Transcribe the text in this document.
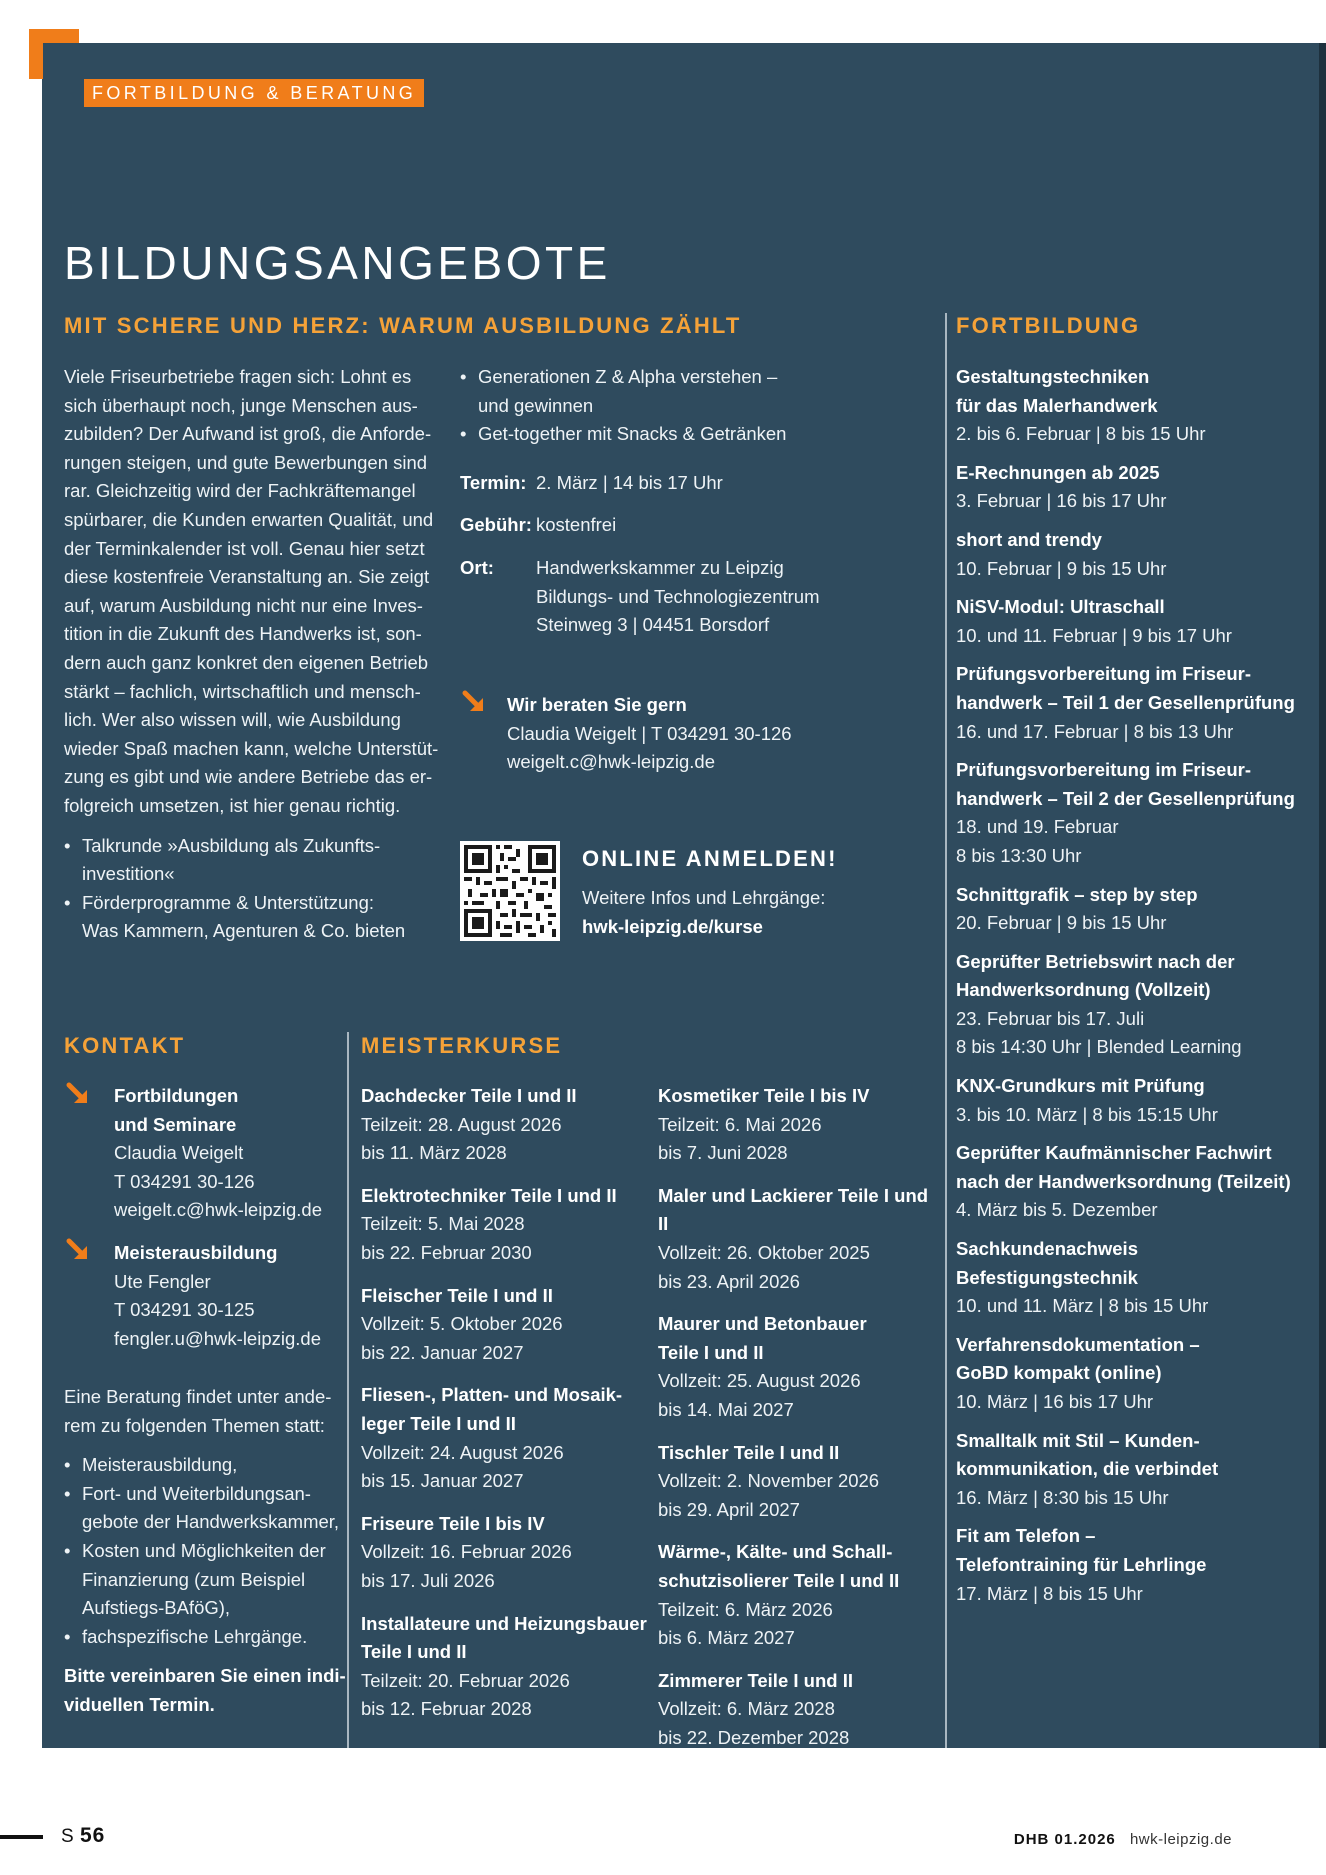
FORTBILDUNG & BERATUNG
BILDUNGSANGEBOTE
MIT SCHERE UND HERZ: WARUM AUSBILDUNG ZÄHLT
Viele Friseurbetriebe fragen sich: Lohnt es
sich überhaupt noch, junge Menschen aus-
zubilden? Der Aufwand ist groß, die Anforde-
rungen steigen, und gute Bewerbungen sind
rar. Gleichzeitig wird der Fachkräftemangel
spürbarer, die Kunden erwarten Qualität, und
der Terminkalender ist voll. Genau hier setzt
diese kostenfreie Veranstaltung an. Sie zeigt
auf, warum Ausbildung nicht nur eine Inves-
tition in die Zukunft des Handwerks ist, son-
dern auch ganz konkret den eigenen Betrieb
stärkt – fachlich, wirtschaftlich und mensch-
lich. Wer also wissen will, wie Ausbildung
wieder Spaß machen kann, welche Unterstüt-
zung es gibt und wie andere Betriebe das er-
folgreich umsetzen, ist hier genau richtig.
• Talkrunde »Ausbildung als Zukunfts-
investition«
• Förderprogramme & Unterstützung:
Was Kammern, Agenturen & Co. bieten
• Generationen Z & Alpha verstehen –
und gewinnen
• Get-together mit Snacks & Getränken
Termin:	2. März | 14 bis 17 Uhr
Gebühr:	kostenfrei
Ort:	Handwerkskammer zu Leipzig
Bildungs- und Technologiezentrum
Steinweg 3 | 04451 Borsdorf
Wir beraten Sie gern
Claudia Weigelt | T 034291 30-126
weigelt.c@hwk-leipzig.de
ONLINE ANMELDEN!
Weitere Infos und Lehrgänge:
hwk-leipzig.de/kurse
FORTBILDUNG
Gestaltungstechniken
für das Malerhandwerk
2. bis 6. Februar | 8 bis 15 Uhr
E-Rechnungen ab 2025
3. Februar | 16 bis 17 Uhr
short and trendy
10. Februar | 9 bis 15 Uhr
NiSV-Modul: Ultraschall
10. und 11. Februar | 9 bis 17 Uhr
Prüfungsvorbereitung im Friseur-
handwerk – Teil 1 der Gesellenprüfung
16. und 17. Februar | 8 bis 13 Uhr
Prüfungsvorbereitung im Friseur-
handwerk – Teil 2 der Gesellenprüfung
18. und 19. Februar
8 bis 13:30 Uhr
Schnittgrafik – step by step
20. Februar | 9 bis 15 Uhr
Geprüfter Betriebswirt nach der
Handwerksordnung (Vollzeit)
23. Februar bis 17. Juli
8 bis 14:30 Uhr | Blended Learning
KNX-Grundkurs mit Prüfung
3. bis 10. März | 8 bis 15:15 Uhr
Geprüfter Kaufmännischer Fachwirt
nach der Handwerksordnung (Teilzeit)
4. März bis 5. Dezember
Sachkundenachweis
Befestigungstechnik
10. und 11. März | 8 bis 15 Uhr
Verfahrensdokumentation –
GoBD kompakt (online)
10. März | 16 bis 17 Uhr
Smalltalk mit Stil – Kunden-
kommunikation, die verbindet
16. März | 8:30 bis 15 Uhr
Fit am Telefon –
Telefontraining für Lehrlinge
17. März | 8 bis 15 Uhr
KONTAKT
Fortbildungen
und Seminare
Claudia Weigelt
T 034291 30-126
weigelt.c@hwk-leipzig.de
Meisterausbildung
Ute Fengler
T 034291 30-125
fengler.u@hwk-leipzig.de
Eine Beratung findet unter ande-
rem zu folgenden Themen statt:
• Meisterausbildung,
• Fort- und Weiterbildungsan-
gebote der Handwerkskammer,
• Kosten und Möglichkeiten der
Finanzierung (zum Beispiel
Aufstiegs-BAföG),
• fachspezifische Lehrgänge.
Bitte vereinbaren Sie einen indi-
viduellen Termin.
MEISTERKURSE
Dachdecker Teile I und II
Teilzeit: 28. August 2026
bis 11. März 2028
Elektrotechniker Teile I und II
Teilzeit: 5. Mai 2028
bis 22. Februar 2030
Fleischer Teile I und II
Vollzeit: 5. Oktober 2026
bis 22. Januar 2027
Fliesen-, Platten- und Mosaik-
leger Teile I und II
Vollzeit: 24. August 2026
bis 15. Januar 2027
Friseure Teile I bis IV
Vollzeit: 16. Februar 2026
bis 17. Juli 2026
Installateure und Heizungsbauer
Teile I und II
Teilzeit: 20. Februar 2026
bis 12. Februar 2028
Kosmetiker Teile I bis IV
Teilzeit: 6. Mai 2026
bis 7. Juni 2028
Maler und Lackierer Teile I und II
Vollzeit: 26. Oktober 2025
bis 23. April 2026
Maurer und Betonbauer
Teile I und II
Vollzeit: 25. August 2026
bis 14. Mai 2027
Tischler Teile I und II
Vollzeit: 2. November 2026
bis 29. April 2027
Wärme-, Kälte- und Schall-
schutzisolierer Teile I und II
Teilzeit: 6. März 2026
bis 6. März 2027
Zimmerer Teile I und II
Vollzeit: 6. März 2028
bis 22. Dezember 2028
S 56	DHB 01.2026 hwk-leipzig.de
